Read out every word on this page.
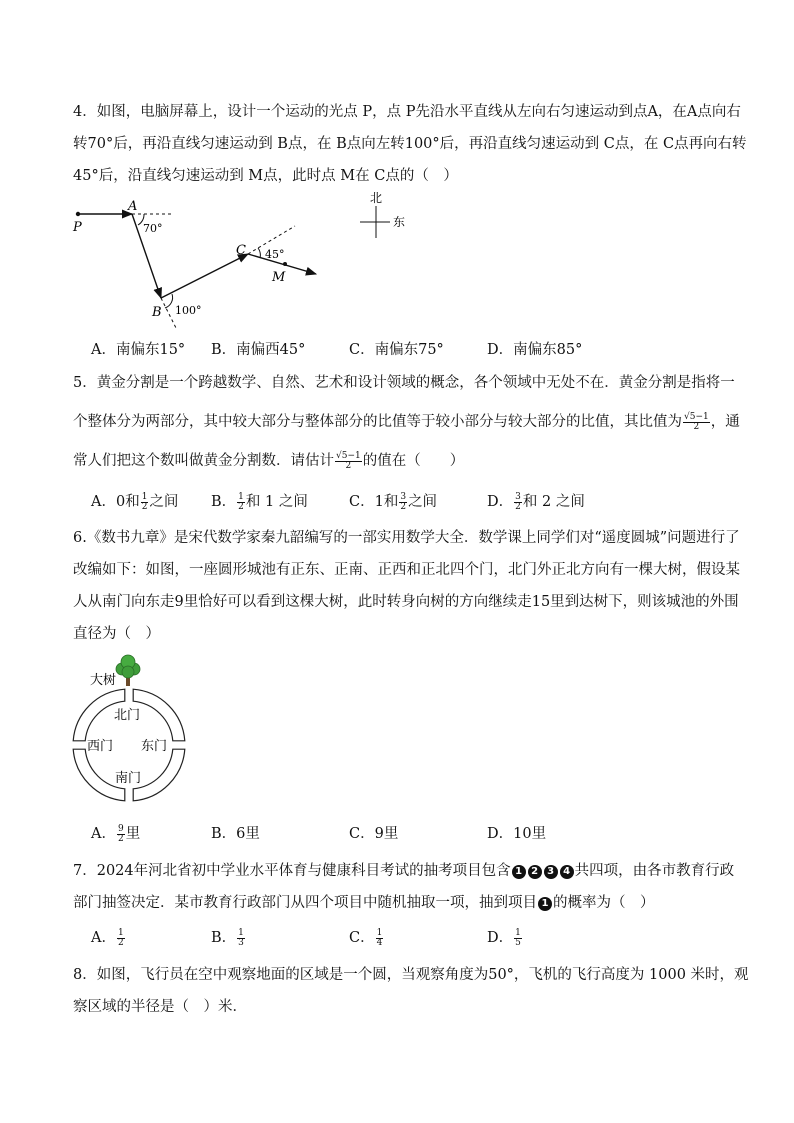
4．如图，电脑屏幕上，设计一个运动的光点 P，点 P先沿水平直线从左向右匀速运动到点A，在A点向右
转70°后，再沿直线匀速运动到 B点，在 B点向左转100°后，再沿直线匀速运动到 C点，在 C点再向右转
45°后，沿直线匀速运动到 M点，此时点 M在 C点的（　）
P
A
70°
B 100°
C 45°
M
北
东
A．南偏东15° B．南偏西45°	C．南偏东75°	D．南偏东85°
5．黄金分割是一个跨越数学、自然、艺术和设计领域的概念，各个领域中无处不在．黄金分割是指将一
个整体分为两部分，其中较大部分与整体部分的比值等于较小部分与较大部分的比值，其比值为 $\frac{√5-1}{2}$ ，通
常人们把这个数叫做黄金分割数．请估计 $\frac{√5-1}{2}$ 的值在（　　）
A．0和 $\frac{1}{2}$ 之间 B． $\frac{1}{2}$ 和 1 之间	C．1和 $\frac{3}{2}$ 之间	D． $\frac{3}{2}$ 和 2 之间
6.《数书九章》是宋代数学家秦九韶编写的一部实用数学大全．数学课上同学们对“遥度圆城”问题进行了
改编如下：如图，一座圆形城池有正东、正南、正西和正北四个门，北门外正北方向有一棵大树，假设某
人从南门向东走9里恰好可以看到这棵大树，此时转身向树的方向继续走15里到达树下，则该城池的外围
直径为（　）
大树
北门
西门 东门
南门
A． $\frac{9}{2}$ 里	B．6里	C．9里	D．10里
7．2024年河北省初中学业水平体育与健康科目考试的抽考项目包含 1 2 3 4 共四项，由各市教育行政
部门抽签决定．某市教育行政部门从四个项目中随机抽取一项，抽到项目 1 的概率为（　）
A． $\frac{1}{2}$	B． $\frac{1}{3}$	C． $\frac{1}{4}$	D． $\frac{1}{5}$
8．如图，飞行员在空中观察地面的区域是一个圆，当观察角度为50°，飞机的飞行高度为 1000 米时，观
察区域的半径是（　）米．
